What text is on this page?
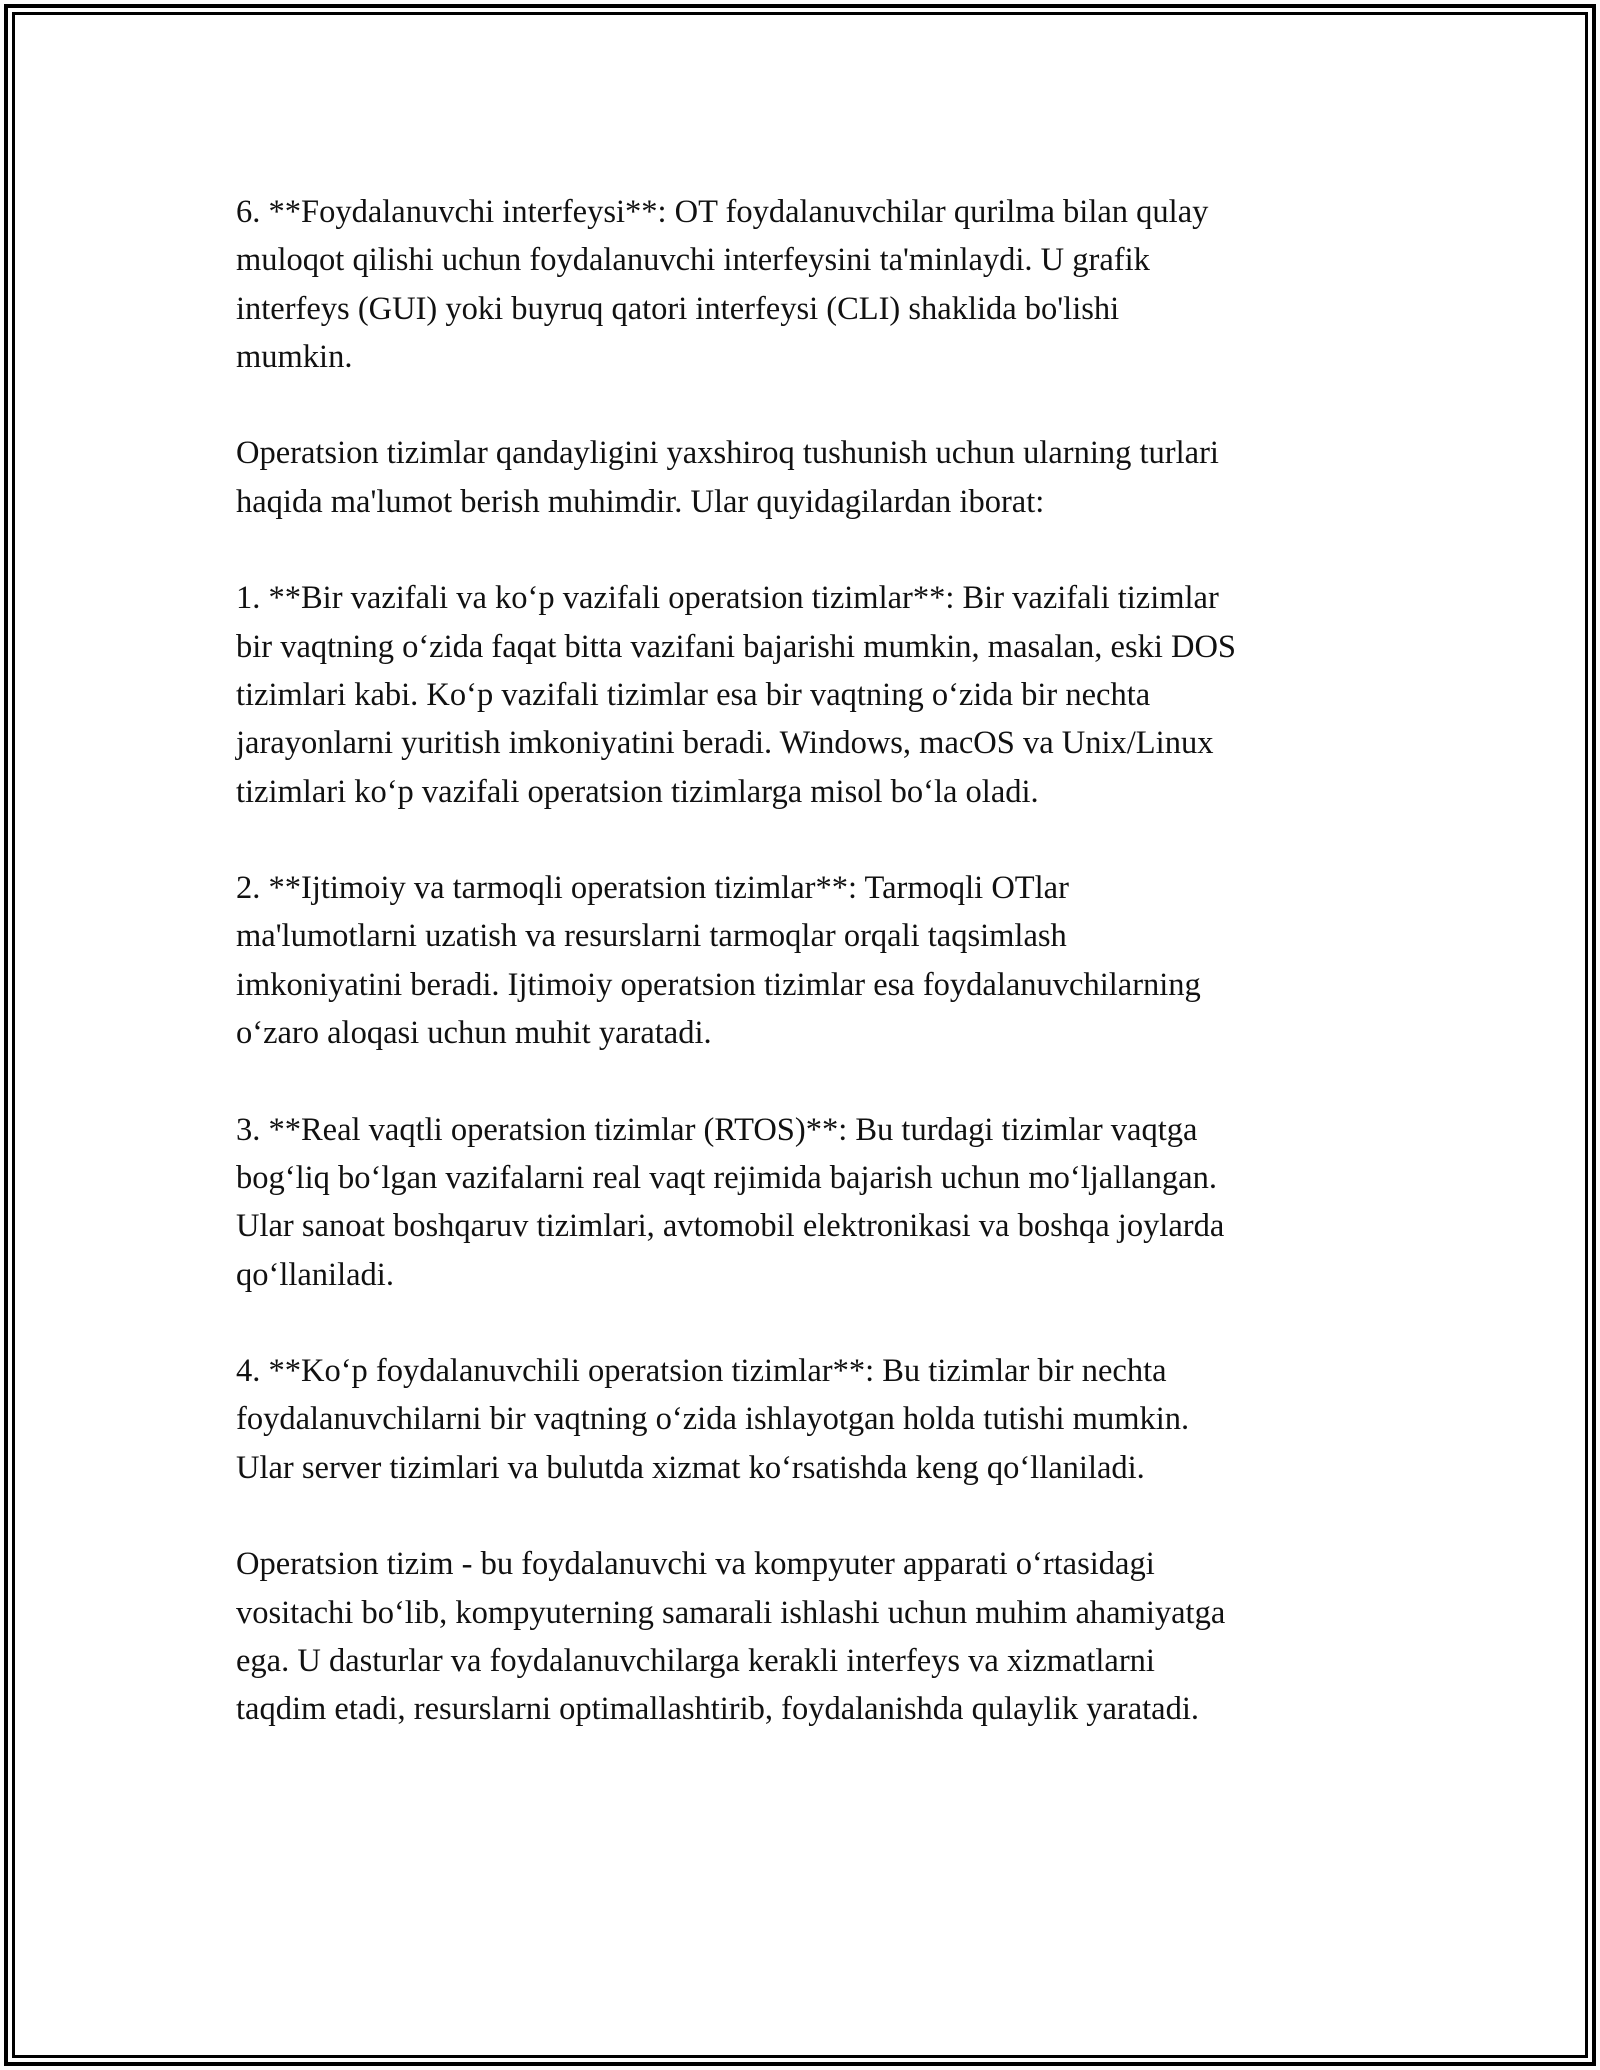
6. **Foydalanuvchi interfeysi**: OT foydalanuvchilar qurilma bilan qulay
muloqot qilishi uchun foydalanuvchi interfeysini ta'minlaydi. U grafik
interfeys (GUI) yoki buyruq qatori interfeysi (CLI) shaklida bo'lishi
mumkin.

Operatsion tizimlar qandayligini yaxshiroq tushunish uchun ularning turlari
haqida ma'lumot berish muhimdir. Ular quyidagilardan iborat:

1. **Bir vazifali va koʻp vazifali operatsion tizimlar**: Bir vazifali tizimlar
bir vaqtning oʻzida faqat bitta vazifani bajarishi mumkin, masalan, eski DOS
tizimlari kabi. Koʻp vazifali tizimlar esa bir vaqtning oʻzida bir nechta
jarayonlarni yuritish imkoniyatini beradi. Windows, macOS va Unix/Linux
tizimlari koʻp vazifali operatsion tizimlarga misol boʻla oladi.

2. **Ijtimoiy va tarmoqli operatsion tizimlar**: Tarmoqli OTlar
ma'lumotlarni uzatish va resurslarni tarmoqlar orqali taqsimlash
imkoniyatini beradi. Ijtimoiy operatsion tizimlar esa foydalanuvchilarning
oʻzaro aloqasi uchun muhit yaratadi.

3. **Real vaqtli operatsion tizimlar (RTOS)**: Bu turdagi tizimlar vaqtga
bogʻliq boʻlgan vazifalarni real vaqt rejimida bajarish uchun moʻljallangan.
Ular sanoat boshqaruv tizimlari, avtomobil elektronikasi va boshqa joylarda
qoʻllaniladi.

4. **Koʻp foydalanuvchili operatsion tizimlar**: Bu tizimlar bir nechta
foydalanuvchilarni bir vaqtning oʻzida ishlayotgan holda tutishi mumkin.
Ular server tizimlari va bulutda xizmat koʻrsatishda keng qoʻllaniladi.

Operatsion tizim - bu foydalanuvchi va kompyuter apparati oʻrtasidagi
vositachi boʻlib, kompyuterning samarali ishlashi uchun muhim ahamiyatga
ega. U dasturlar va foydalanuvchilarga kerakli interfeys va xizmatlarni
taqdim etadi, resurslarni optimallashtirib, foydalanishda qulaylik yaratadi.
